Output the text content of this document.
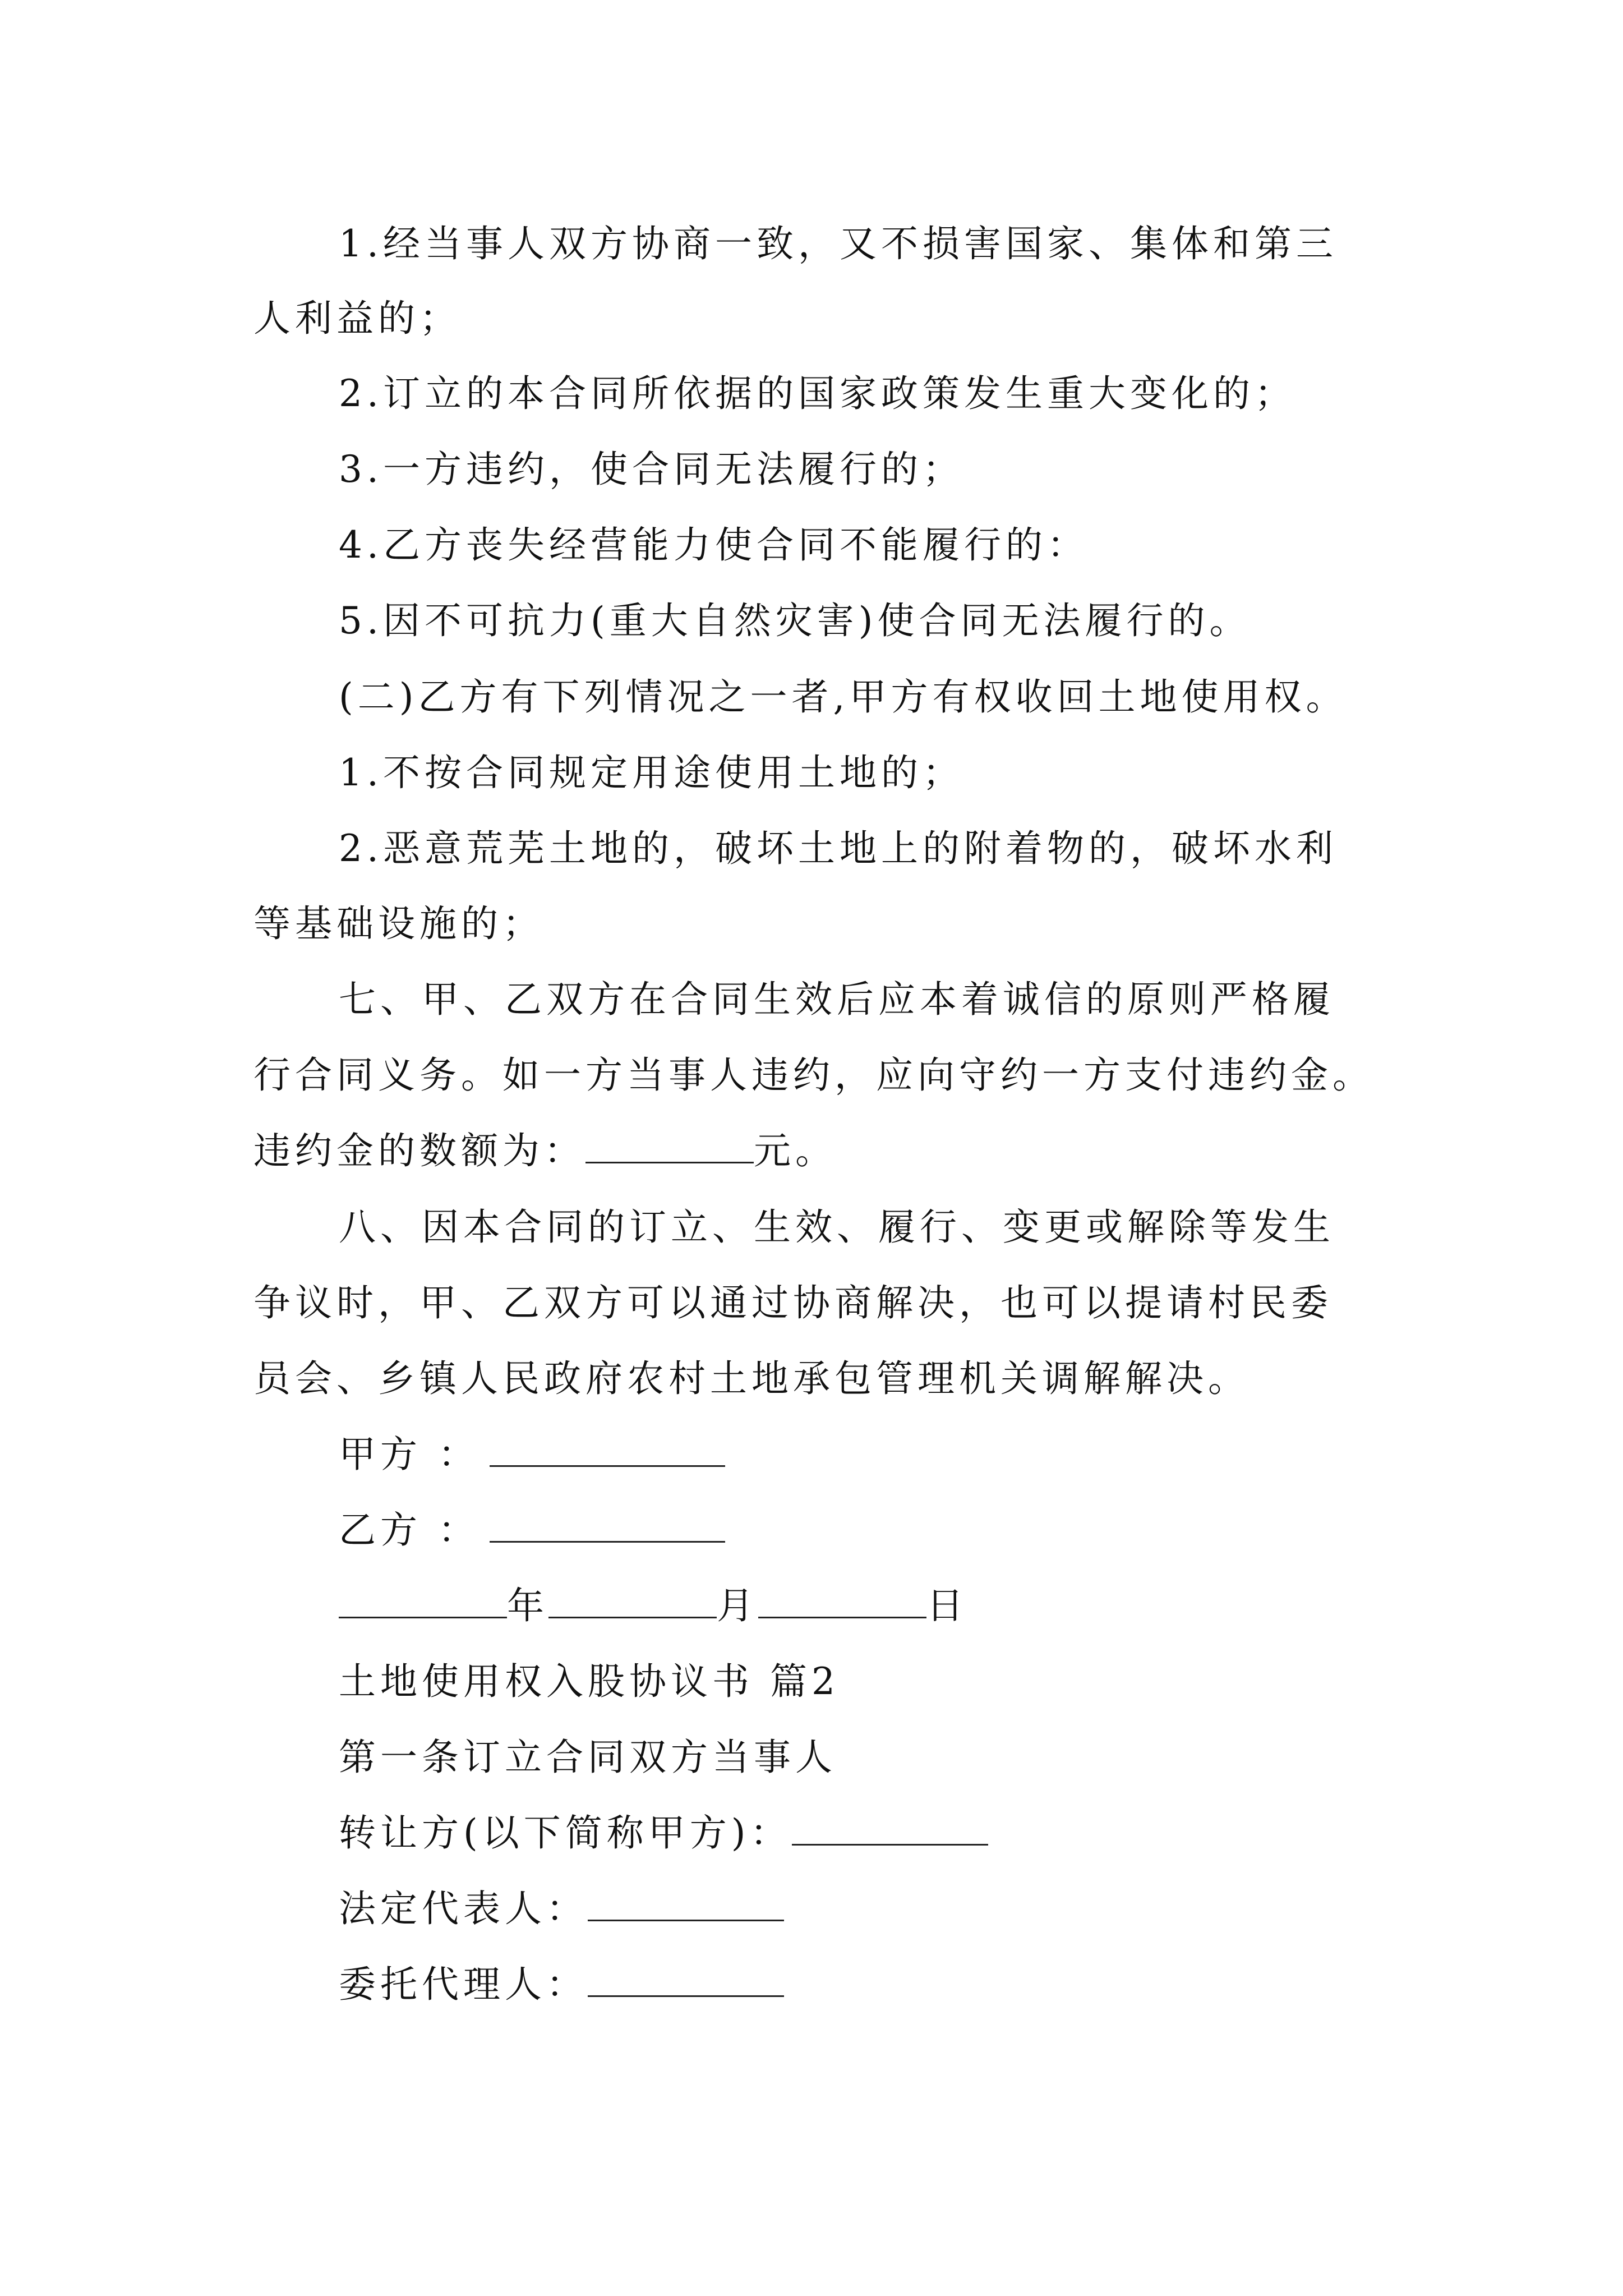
1.经当事人双方协商一致，又不损害国家、集体和第三
人利益的；
2.订立的本合同所依据的国家政策发生重大变化的；
3.一方违约，使合同无法履行的；
4.乙方丧失经营能力使合同不能履行的：
5.因不可抗力(重大自然灾害)使合同无法履行的。
(二)乙方有下列情况之一者,甲方有权收回土地使用权。
1.不按合同规定用途使用土地的；
2.恶意荒芜土地的，破坏土地上的附着物的，破坏水利
等基础设施的；
七、甲、乙双方在合同生效后应本着诚信的原则严格履
行合同义务。如一方当事人违约，应向守约一方支付违约金。
违约金的数额为：	元。
八、因本合同的订立、生效、履行、变更或解除等发生
争议时，甲、乙双方可以通过协商解决，也可以提请村民委
员会、乡镇人民政府农村土地承包管理机关调解解决。
甲方 ：
乙方 ：
年	月	日
土地使用权入股协议书 篇2
第一条订立合同双方当事人
转让方(以下简称甲方)：
法定代表人：
委托代理人：
